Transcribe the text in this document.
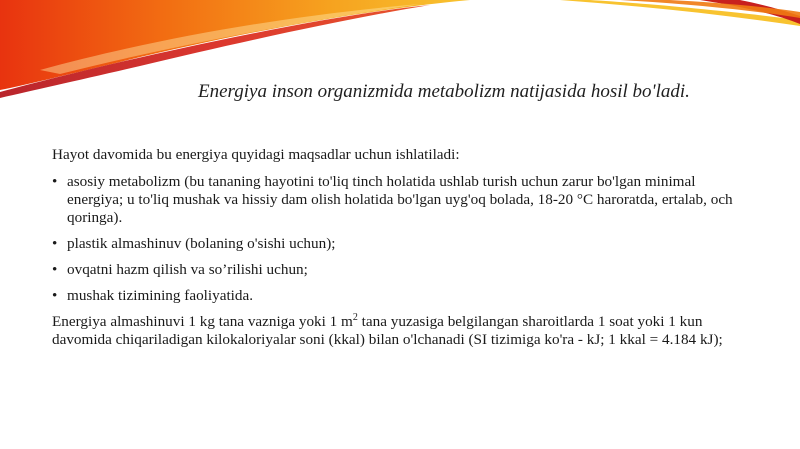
Energiya inson organizmida metabolizm natijasida hosil bo'ladi.

Hayot davomida bu energiya quyidagi maqsadlar uchun ishlatiladi:

• asosiy metabolizm (bu tananing hayotini to'liq tinch holatida ushlab turish uchun zarur bo'lgan minimal energiya; u to'liq mushak va hissiy dam olish holatida bo'lgan uyg'oq bolada, 18-20 °C haroratda, ertalab, och qoringa).
• plastik almashinuv (bolaning o'sishi uchun);
• ovqatni hazm qilish va so’rilishi uchun;
• mushak tizimining faoliyatida.

Energiya almashinuvi 1 kg tana vazniga yoki 1 $m^2$ tana yuzasiga belgilangan sharoitlarda 1 soat yoki 1 kun davomida chiqariladigan kilokaloriyalar soni (kkal) bilan o'lchanadi (SI tizimiga ko'ra - kJ; 1 kkal = 4.184 kJ);
